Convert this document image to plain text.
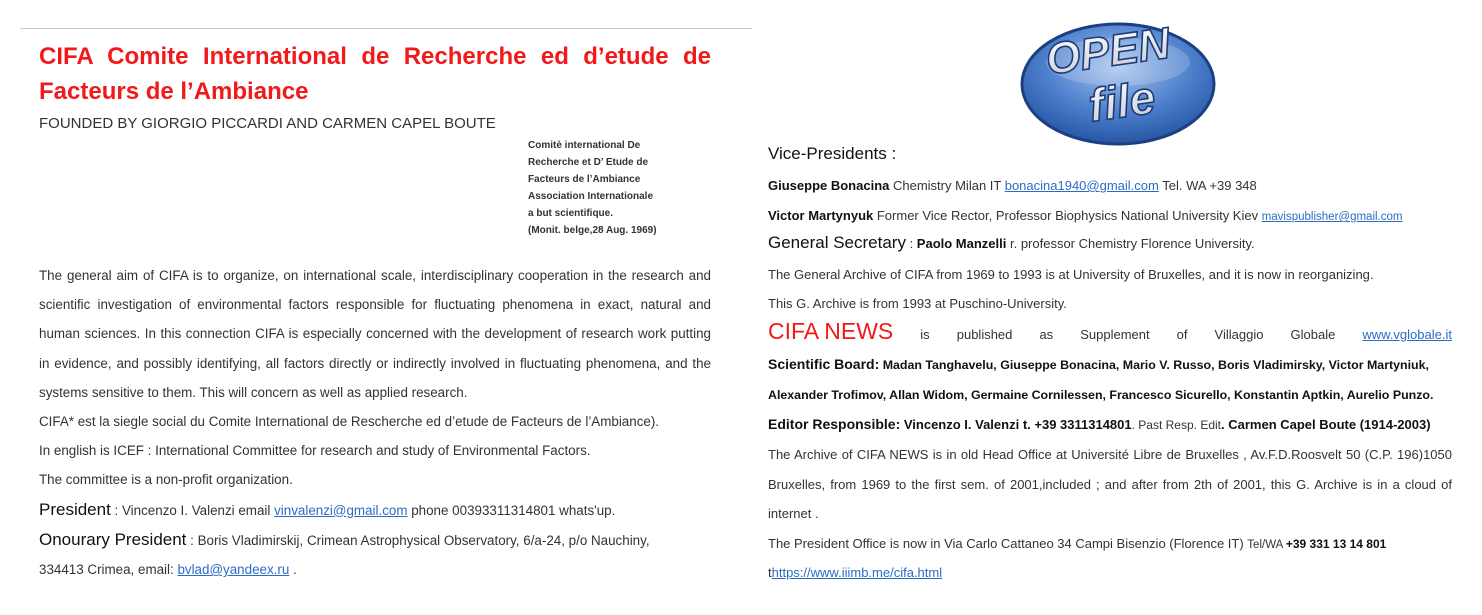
CIFA Comite International de Recherche ed d’etude de Facteurs de l’Ambiance
FOUNDED BY GIORGIO PICCARDI AND CARMEN CAPEL BOUTE
Comitè international De
Recherche et D’ Etude de
Facteurs de l’Ambiance
Association Internationale
a but scientifique.
(Monit. belge,28 Aug. 1969)

The general aim of CIFA is to organize, on international scale, interdisciplinary cooperation in the research and scientific investigation of environmental factors responsible for fluctuating phenomena in exact, natural and human sciences. In this connection CIFA is especially concerned with the development of research work putting in evidence, and possibly identifying, all factors directly or indirectly involved in fluctuating phenomena, and the systems sensitive to them. This will concern as well as applied research.

CIFA* est la siegle social du Comite International de Rescherche ed d’etude de Facteurs de l’Ambiance).

In english is ICEF : International Committee for research and study of Environmental Factors.

The committee is a non-profit organization.

President : Vincenzo I. Valenzi email vinvalenzi@gmail.com phone 00393311314801 whats'up.

Onourary President : Boris Vladimirskij, Crimean Astrophysical Observatory, 6/a-24, p/o Nauchiny,

334413 Crimea, email: bvlad@yandeex.ru .

OPEN
file
Vice-Presidents :
Giuseppe Bonacina Chemistry Milan IT bonacina1940@gmail.com Tel. WA +39 348
Victor Martynyuk Former Vice Rector, Professor Biophysics National University Kiev mavispublisher@gmail.com
General Secretary : Paolo Manzelli r. professor Chemistry Florence University.
The General Archive of CIFA from 1969 to 1993 is at University of Bruxelles, and it is now in reorganizing.
This G. Archive is from 1993 at Puschino-University.
CIFA NEWS is published as Supplement of Villaggio Globale www.vglobale.it
Scientific Board: Madan Tanghavelu, Giuseppe Bonacina, Mario V. Russo, Boris Vladimirsky, Victor Martyniuk, Alexander Trofimov, Allan Widom, Germaine Cornilessen, Francesco Sicurello, Konstantin Aptkin, Aurelio Punzo.
Editor Responsible: Vincenzo I. Valenzi t. +39 3311314801. Past Resp. Edit. Carmen Capel Boute (1914-2003)
The Archive of CIFA NEWS is in old Head Office at Université Libre de Bruxelles , Av.F.D.Roosvelt 50 (C.P. 196)1050 Bruxelles, from 1969 to the first sem. of 2001,included ; and after from 2th of 2001, this G. Archive is in a cloud of internet .
The President Office is now in Via Carlo Cattaneo 34 Campi Bisenzio (Florence IT) Tel/WA +39 331 13 14 801
thttps://www.iiimb.me/cifa.html
